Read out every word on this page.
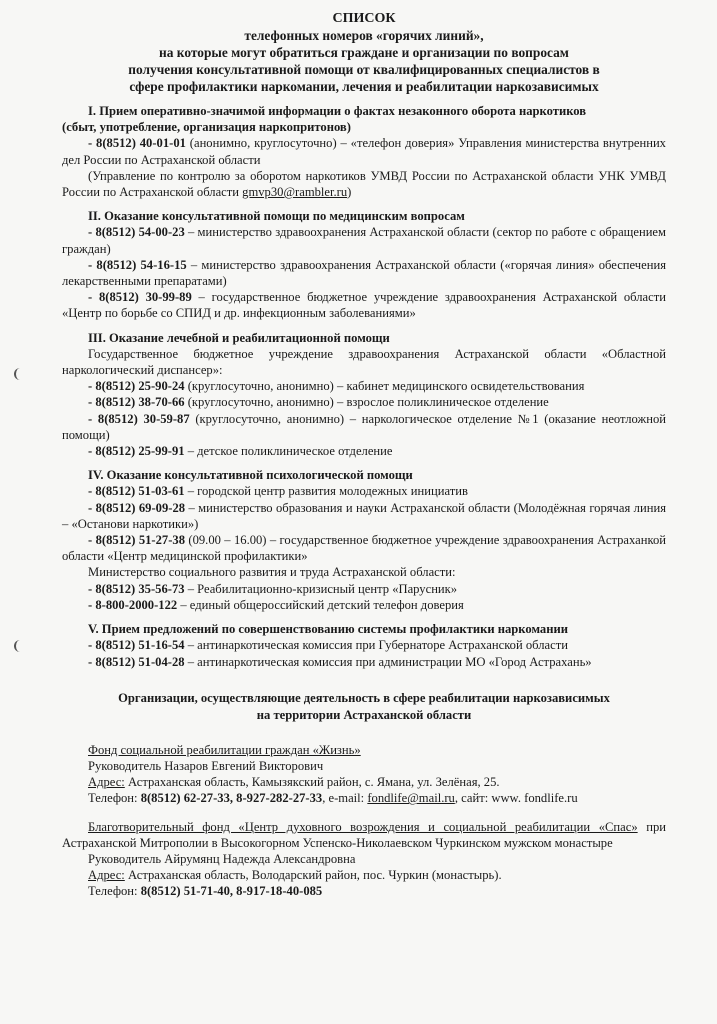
СПИСОК
телефонных номеров «горячих линий»,
на которые могут обратиться граждане и организации по вопросам
получения консультативной помощи от квалифицированных специалистов в
сфере профилактики наркомании, лечения и реабилитации наркозависимых

I. Прием оперативно-значимой информации о фактах незаконного оборота наркотиков

(сбыт, употребление, организация наркопритонов)

- 8(8512) 40-01-01 (анонимно, круглосуточно) – «телефон доверия» Управления министерства внутренних дел России по Астраханской области

(Управление по контролю за оборотом наркотиков УМВД России по Астраханской области УНК УМВД России по Астраханской области gmvp30@rambler.ru)

II. Оказание консультативной помощи по медицинским вопросам

- 8(8512) 54-00-23 – министерство здравоохранения Астраханской области (сектор по работе с обращением граждан)

- 8(8512) 54-16-15 – министерство здравоохранения Астраханской области («горячая линия» обеспечения лекарственными препаратами)

- 8(8512) 30-99-89 – государственное бюджетное учреждение здравоохранения Астраханской области «Центр по борьбе со СПИД и др. инфекционным заболеваниями»

III. Оказание лечебной и реабилитационной помощи

Государственное бюджетное учреждение здравоохранения Астраханской области «Областной наркологический диспансер»:

- 8(8512) 25-90-24 (круглосуточно, анонимно) – кабинет медицинского освидетельствования

- 8(8512) 38-70-66 (круглосуточно, анонимно) – взрослое поликлиническое отделение

- 8(8512) 30-59-87 (круглосуточно, анонимно) – наркологическое отделение №1 (оказание неотложной помощи)

- 8(8512) 25-99-91 – детское поликлиническое отделение

IV. Оказание консультативной психологической помощи

- 8(8512) 51-03-61 – городской центр развития молодежных инициатив

- 8(8512) 69-09-28 – министерство образования и науки Астраханской области (Молодёжная горячая линия – «Останови наркотики»)

- 8(8512) 51-27-38 (09.00 – 16.00) – государственное бюджетное учреждение здравоохранения Астраханкой области «Центр медицинской профилактики»

Министерство социального развития и труда Астраханской области:

- 8(8512) 35-56-73 – Реабилитационно-кризисный центр «Парусник»

- 8-800-2000-122 – единый общероссийский детский телефон доверия

V. Прием предложений по совершенствованию системы профилактики наркомании

- 8(8512) 51-16-54 – антинаркотическая комиссия при Губернаторе Астраханской области

- 8(8512) 51-04-28 – антинаркотическая комиссия при администрации МО «Город Астрахань»

Организации, осуществляющие деятельность в сфере реабилитации наркозависимых
на территории Астраханской области

Фонд социальной реабилитации граждан «Жизнь»

Руководитель Назаров Евгений Викторович

Адрес: Астраханская область, Камызякский район, с. Ямана, ул. Зелёная, 25.

Телефон: 8(8512) 62-27-33, 8-927-282-27-33, e-mail: fondlife@mail.ru, сайт: www. fondlife.ru

Благотворительный фонд «Центр духовного возрождения и социальной реабилитации «Спас» при Астраханской Митрополии в Высокогорном Успенско-Николаевском Чуркинском мужском монастыре

Руководитель Айрумянц Надежда Александровна

Адрес: Астраханская область, Володарский район, пос. Чуркин (монастырь).

Телефон: 8(8512) 51-71-40, 8-917-18-40-085
